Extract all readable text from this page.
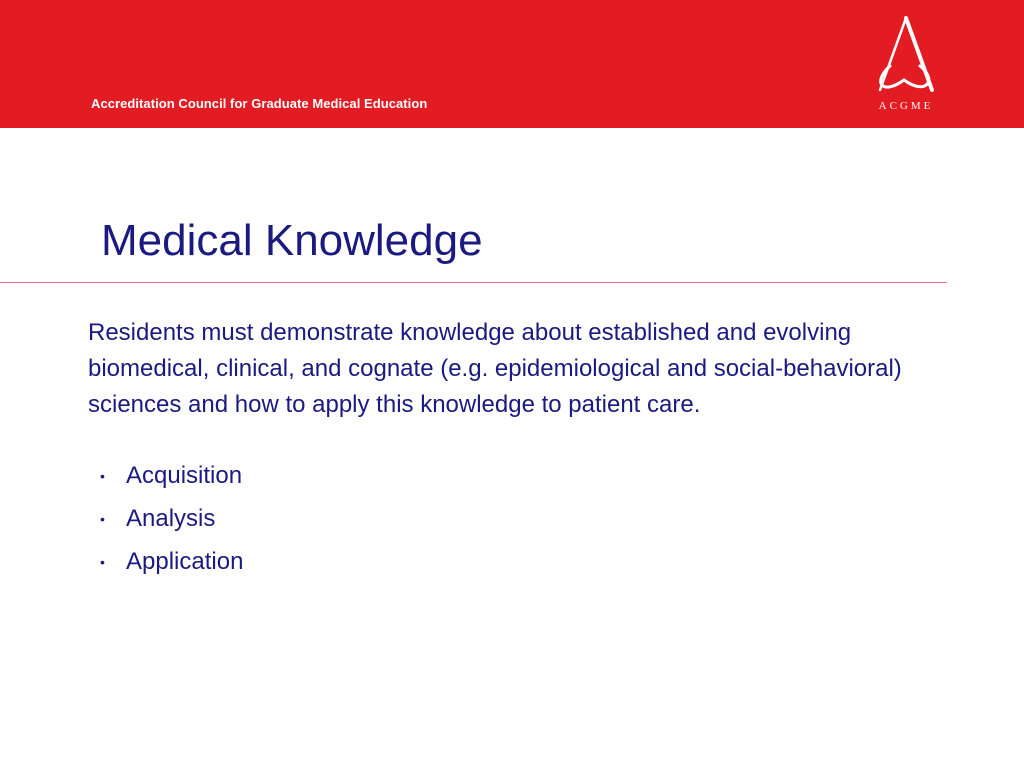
Accreditation Council for Graduate Medical Education	ACGME
Medical Knowledge

Residents must demonstrate knowledge about established and evolving biomedical, clinical, and cognate (e.g. epidemiological and social-behavioral) sciences and how to apply this knowledge to patient care.

• Acquisition
• Analysis
• Application
